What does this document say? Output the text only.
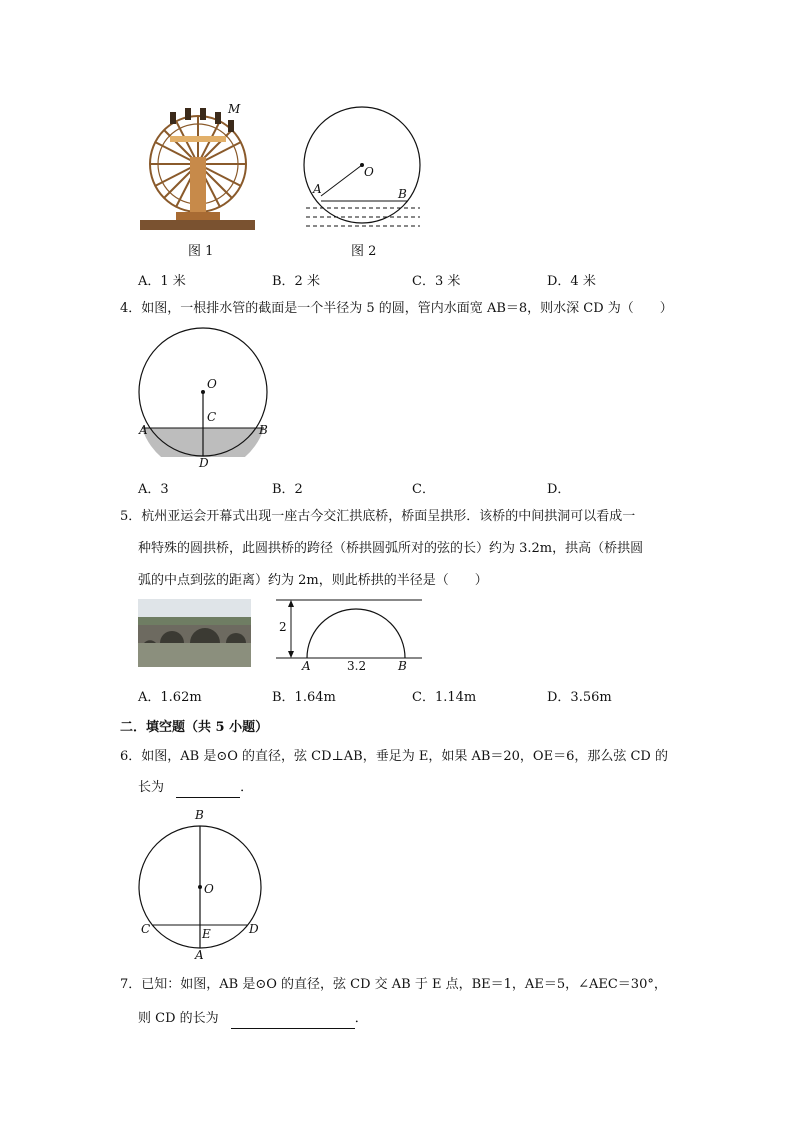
M
图 1
O
A	B
图 2
A．1 米	B．2 米	C．3 米	D．4 米
4．如图，一根排水管的截面是一个半径为 5 的圆，管内水面宽 AB＝8，则水深 CD 为（　　）
O
C
A	B
D
A．3	B．2	C．	D．
5．杭州亚运会开幕式出现一座古今交汇拱底桥，桥面呈拱形．该桥的中间拱洞可以看成一
种特殊的圆拱桥，此圆拱桥的跨径（桥拱圆弧所对的弦的长）约为 3.2m，拱高（桥拱圆
弧的中点到弦的距离）约为 2m，则此桥拱的半径是（　　）
2
A	3.2	B
A．1.62m	B．1.64m	C．1.14m	D．3.56m
二．填空题（共 5 小题）
6．如图，AB 是⊙O 的直径，弦 CD⊥AB，垂足为 E，如果 AB＝20，OE＝6，那么弦 CD 的
长为	．
B
O
C	E	D
A
7．已知：如图，AB 是⊙O 的直径，弦 CD 交 AB 于 E 点，BE＝1，AE＝5，∠AEC＝30°，
则 CD 的长为	．
